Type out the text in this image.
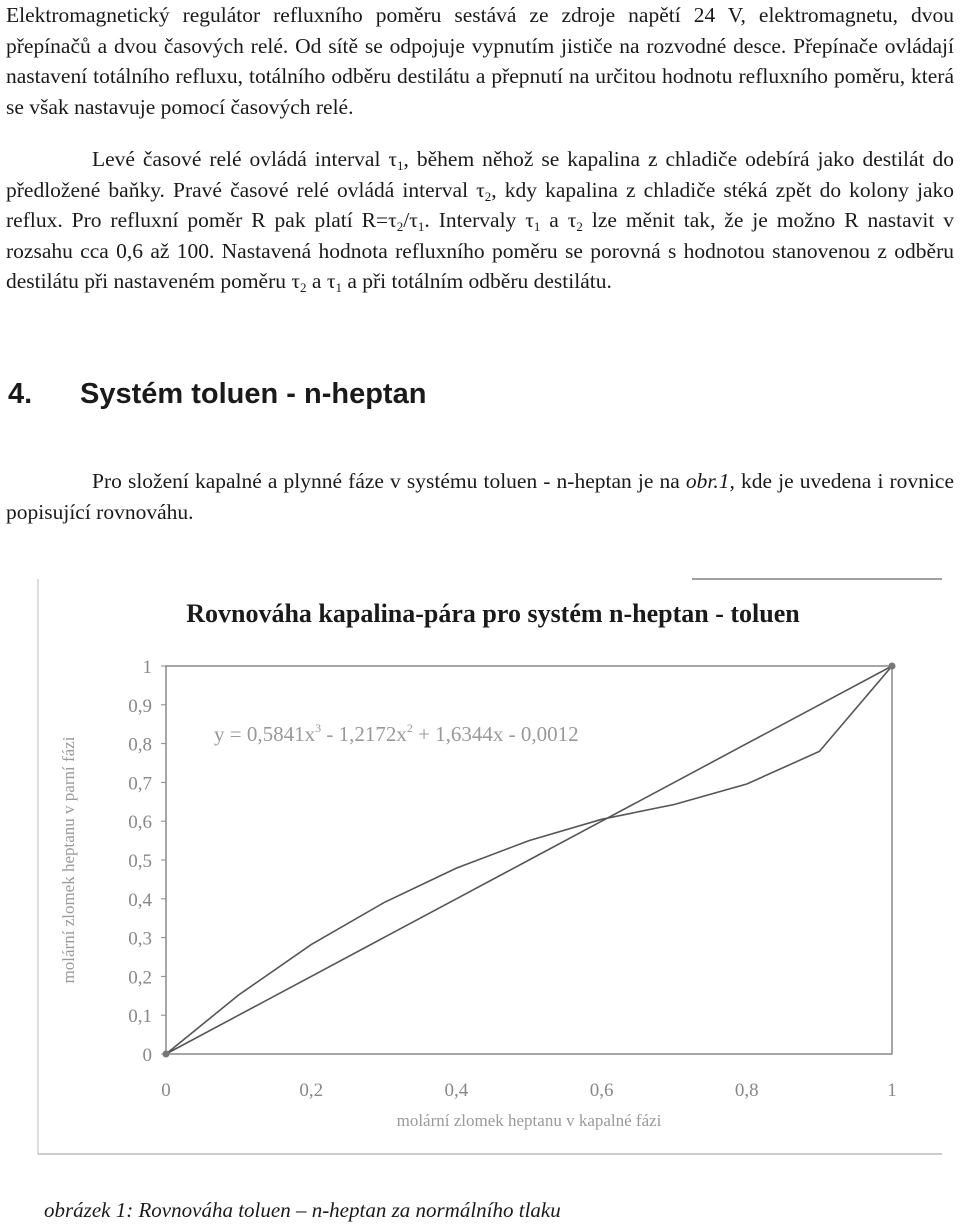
Elektromagnetický regulátor refluxního poměru sestává ze zdroje napětí 24 V, elektromagnetu, dvou přepínačů a dvou časových relé. Od sítě se odpojuje vypnutím jističe na rozvodné desce. Přepínače ovládají nastavení totálního refluxu, totálního odběru destilátu a přepnutí na určitou hodnotu refluxního poměru, která se však nastavuje pomocí časových relé.

Levé časové relé ovládá interval $\tau_1$, během něhož se kapalina z chladiče odebírá jako destilát do předložené baňky. Pravé časové relé ovládá interval $\tau_2$, kdy kapalina z chladiče stéká zpět do kolony jako reflux. Pro refluxní poměr R pak platí $R=\tau_2/\tau_1$. Intervaly $\tau_1$ a $\tau_2$ lze měnit tak, že je možno R nastavit v rozsahu cca 0,6 až 100. Nastavená hodnota refluxního poměru se porovná s hodnotou stanovenou z odběru destilátu při nastaveném poměru $\tau_2$ a $\tau_1$ a při totálním odběru destilátu.

4. Systém toluen - n-heptan

Pro složení kapalné a plynné fáze v systému toluen - n-heptan je na obr.1, kde je uvedena i rovnice popisující rovnováhu.

Rovnováha kapalina-pára pro systém n-heptan - toluen
0
0,1
0,2
0,3
0,4
0,5
0,6
0,7
0,8
0,9
1
0	0,2	0,4	0,6	0,8	1
molární zlomek heptanu v parní fázi
molární zlomek heptanu v kapalné fázi
$y = 0,5841x^3 - 1,2172x^2 + 1,6344x - 0,0012$

obrázek 1: Rovnováha toluen – n-heptan za normálního tlaku
